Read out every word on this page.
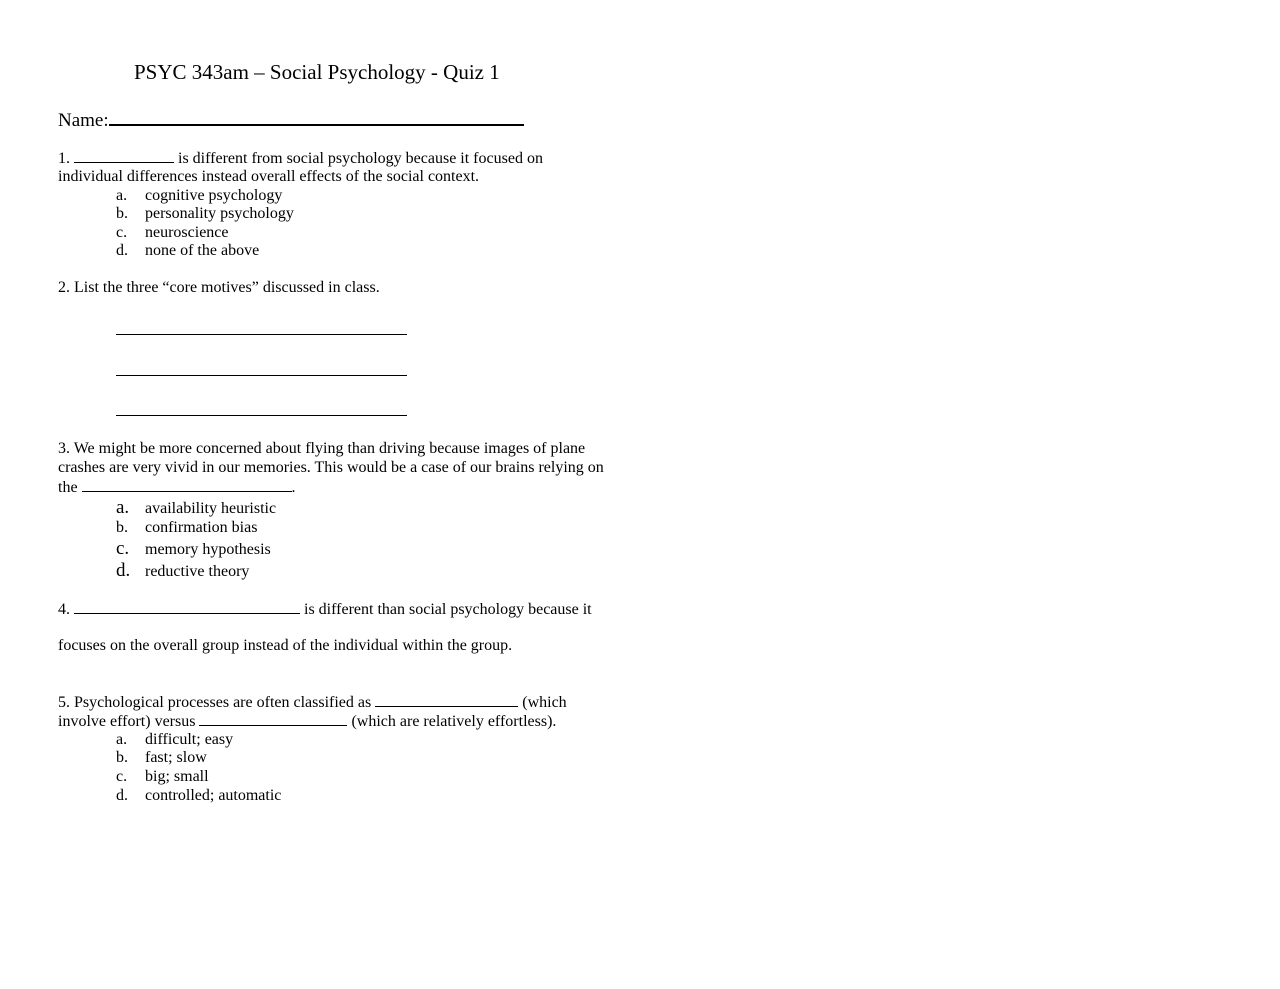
PSYC 343am – Social Psychology - Quiz 1
Name:
1.	is different from social psychology because it focused on
individual differences instead overall effects of the social context.
a. cognitive psychology
b. personality psychology
c. neuroscience
d. none of the above
2. List the three “core motives” discussed in class.
3. We might be more concerned about flying than driving because images of plane
crashes are very vivid in our memories. This would be a case of our brains relying on
the	.
a. availability heuristic
b. confirmation bias
c. memory hypothesis
d. reductive theory
4.	is different than social psychology because it
focuses on the overall group instead of the individual within the group.
5. Psychological processes are often classified as	(which
involve effort) versus	(which are relatively effortless).
a. difficult; easy
b. fast; slow
c. big; small
d. controlled; automatic
